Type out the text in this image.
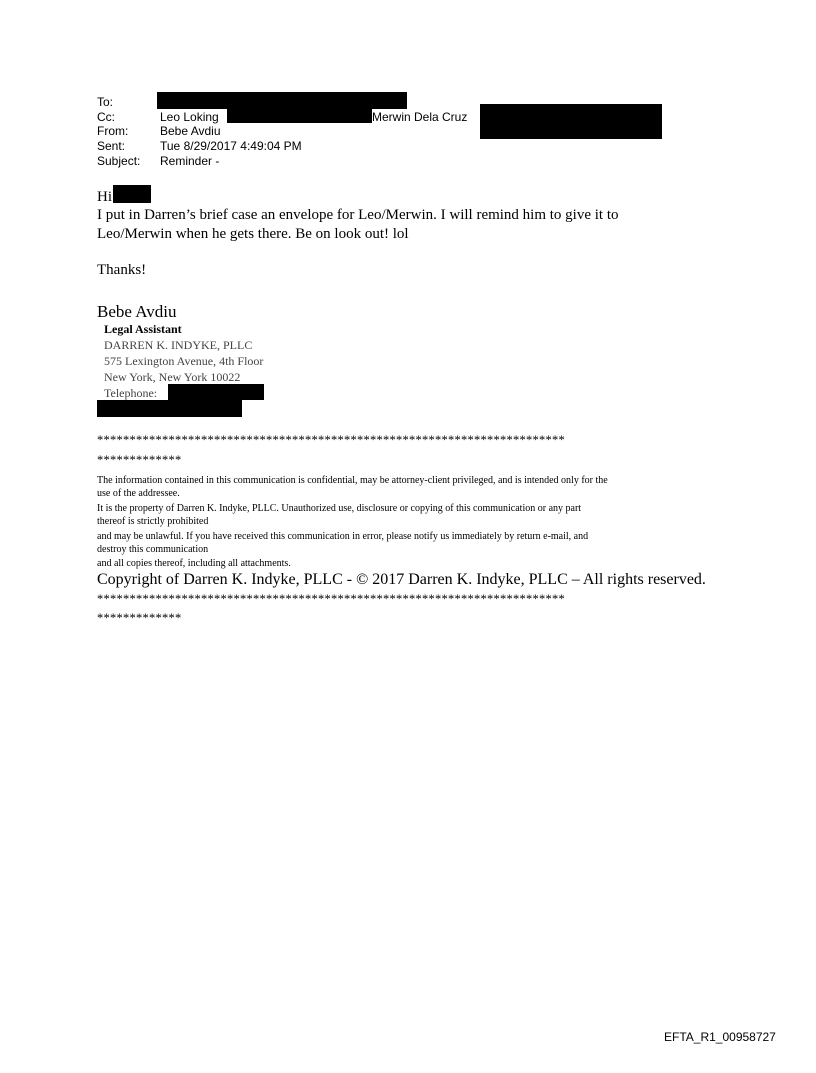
To:
Cc:	Leo Loking	Merwin Dela Cruz
From:	Bebe Avdiu
Sent:	Tue 8/29/2017 4:49:04 PM
Subject: Reminder -
Hi
I put in Darren’s brief case an envelope for Leo/Merwin. I will remind him to give it to
Leo/Merwin when he gets there. Be on look out! lol
Thanks!
Bebe Avdiu
Legal Assistant
DARREN K. INDYKE, PLLC
575 Lexington Avenue, 4th Floor
New York, New York 10022
Telephone:
************************************************************************
*************
The information contained in this communication is confidential, may be attorney-client privileged, and is intended only for the
use of the addressee.
It is the property of Darren K. Indyke, PLLC. Unauthorized use, disclosure or copying of this communication or any part
thereof is strictly prohibited
and may be unlawful. If you have received this communication in error, please notify us immediately by return e-mail, and
destroy this communication
and all copies thereof, including all attachments.
Copyright of Darren K. Indyke, PLLC - © 2017 Darren K. Indyke, PLLC – All rights reserved.
************************************************************************
*************
EFTA_R1_00958727
